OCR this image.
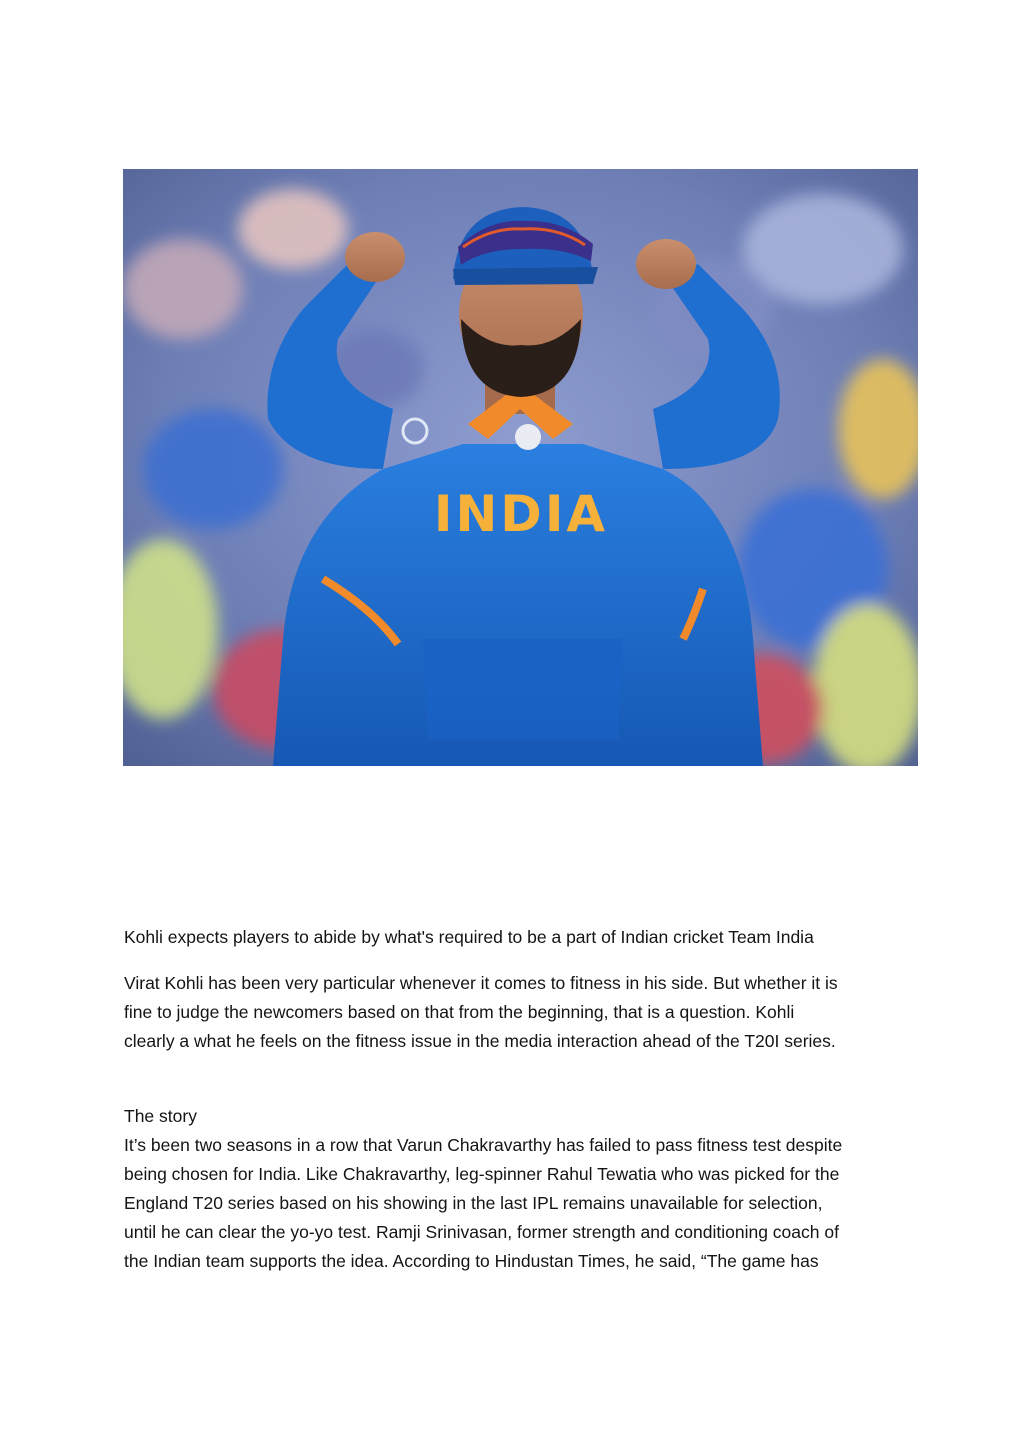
INDIA

Kohli expects players to abide by what's required to be a part of Indian cricket Team India

Virat Kohli has been very particular whenever it comes to fitness in his side. But whether it is
fine to judge the newcomers based on that from the beginning, that is a question. Kohli
clearly a what he feels on the fitness issue in the media interaction ahead of the T20I series.

The story

It’s been two seasons in a row that Varun Chakravarthy has failed to pass fitness test despite
being chosen for India. Like Chakravarthy, leg-spinner Rahul Tewatia who was picked for the
England T20 series based on his showing in the last IPL remains unavailable for selection,
until he can clear the yo-yo test. Ramji Srinivasan, former strength and conditioning coach of
the Indian team supports the idea. According to Hindustan Times, he said, “The game has
